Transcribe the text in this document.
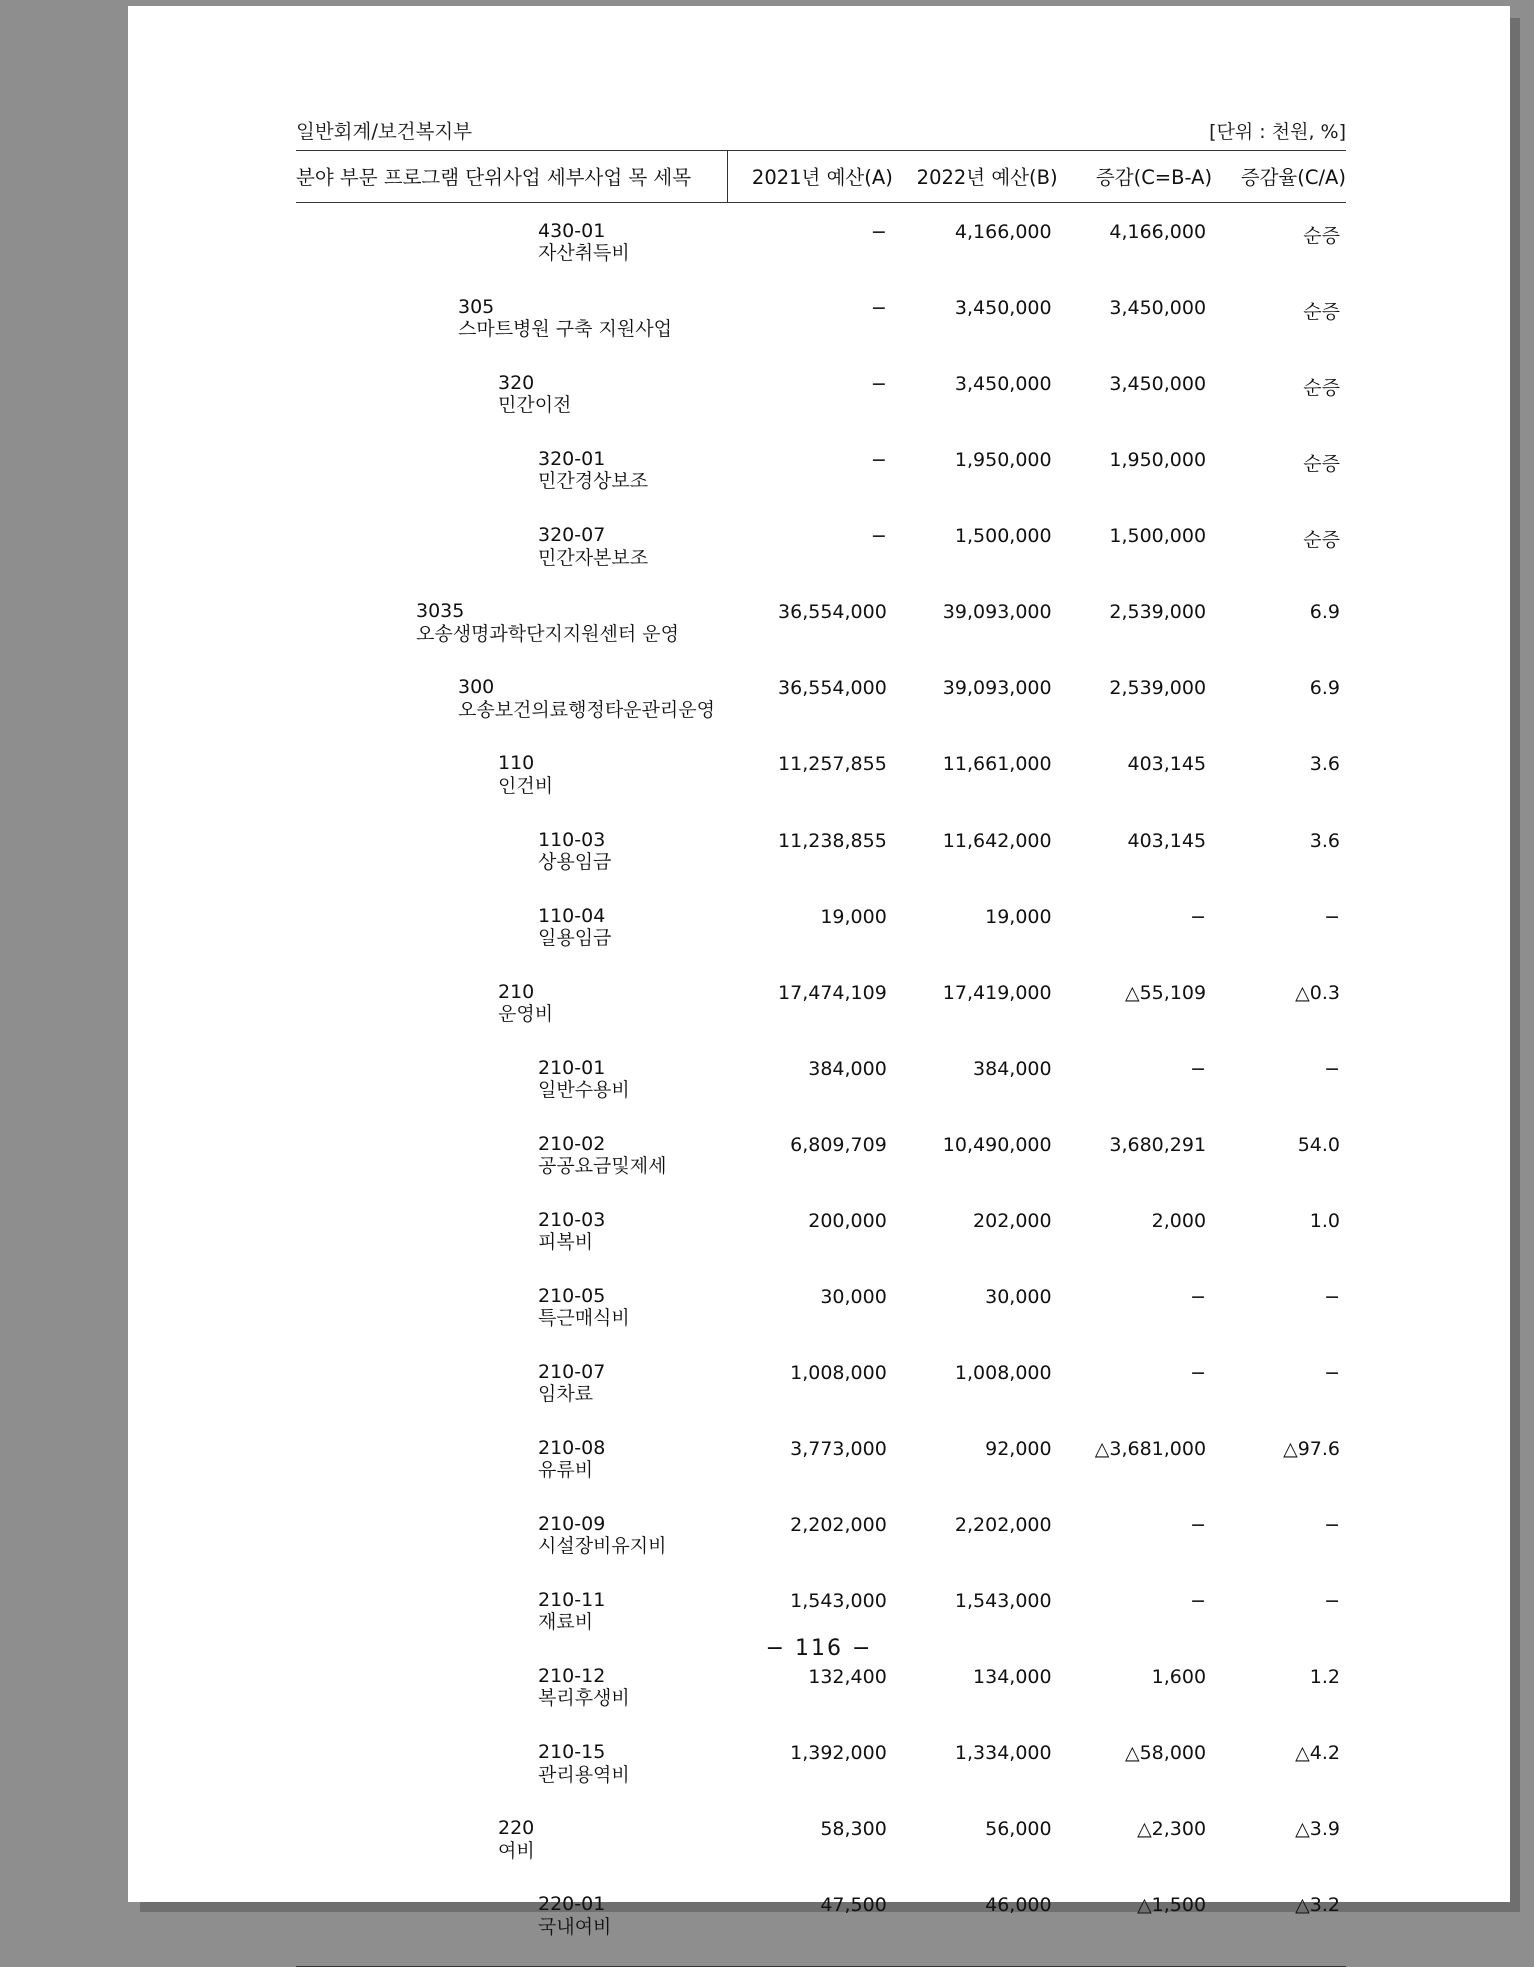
일반회계/보건복지부	[단위 : 천원, %]
분야 부문 프로그램 단위사업 세부사업 목 세목	2021년 예산(A)	2022년 예산(B)	증감(C=B-A)	증감율(C/A)

430-01
자산취득비	−	4,166,000	4,166,000	순증

305
스마트병원 구축 지원사업	−	3,450,000	3,450,000	순증

320
민간이전	−	3,450,000	3,450,000	순증

320-01
민간경상보조	−	1,950,000	1,950,000	순증

320-07
민간자본보조	−	1,500,000	1,500,000	순증

3035
오송생명과학단지지원센터 운영	36,554,000	39,093,000	2,539,000	6.9

300
오송보건의료행정타운관리운영	36,554,000	39,093,000	2,539,000	6.9

110
인건비	11,257,855	11,661,000	403,145	3.6

110-03
상용임금	11,238,855	11,642,000	403,145	3.6

110-04
일용임금	19,000	19,000	−	−

210
운영비	17,474,109	17,419,000	△55,109	△0.3

210-01
일반수용비	384,000	384,000	−	−

210-02
공공요금및제세	6,809,709	10,490,000	3,680,291	54.0

210-03
피복비	200,000	202,000	2,000	1.0

210-05
특근매식비	30,000	30,000	−	−

210-07
임차료	1,008,000	1,008,000	−	−

210-08
유류비	3,773,000	92,000	△3,681,000	△97.6

210-09
시설장비유지비	2,202,000	2,202,000	−	−

210-11
재료비	1,543,000	1,543,000	−	−

210-12
복리후생비	132,400	134,000	1,600	1.2

210-15
관리용역비	1,392,000	1,334,000	△58,000	△4.2

220
여비	58,300	56,000	△2,300	△3.9

220-01
국내여비	47,500	46,000	△1,500	△3.2
− 116 −
